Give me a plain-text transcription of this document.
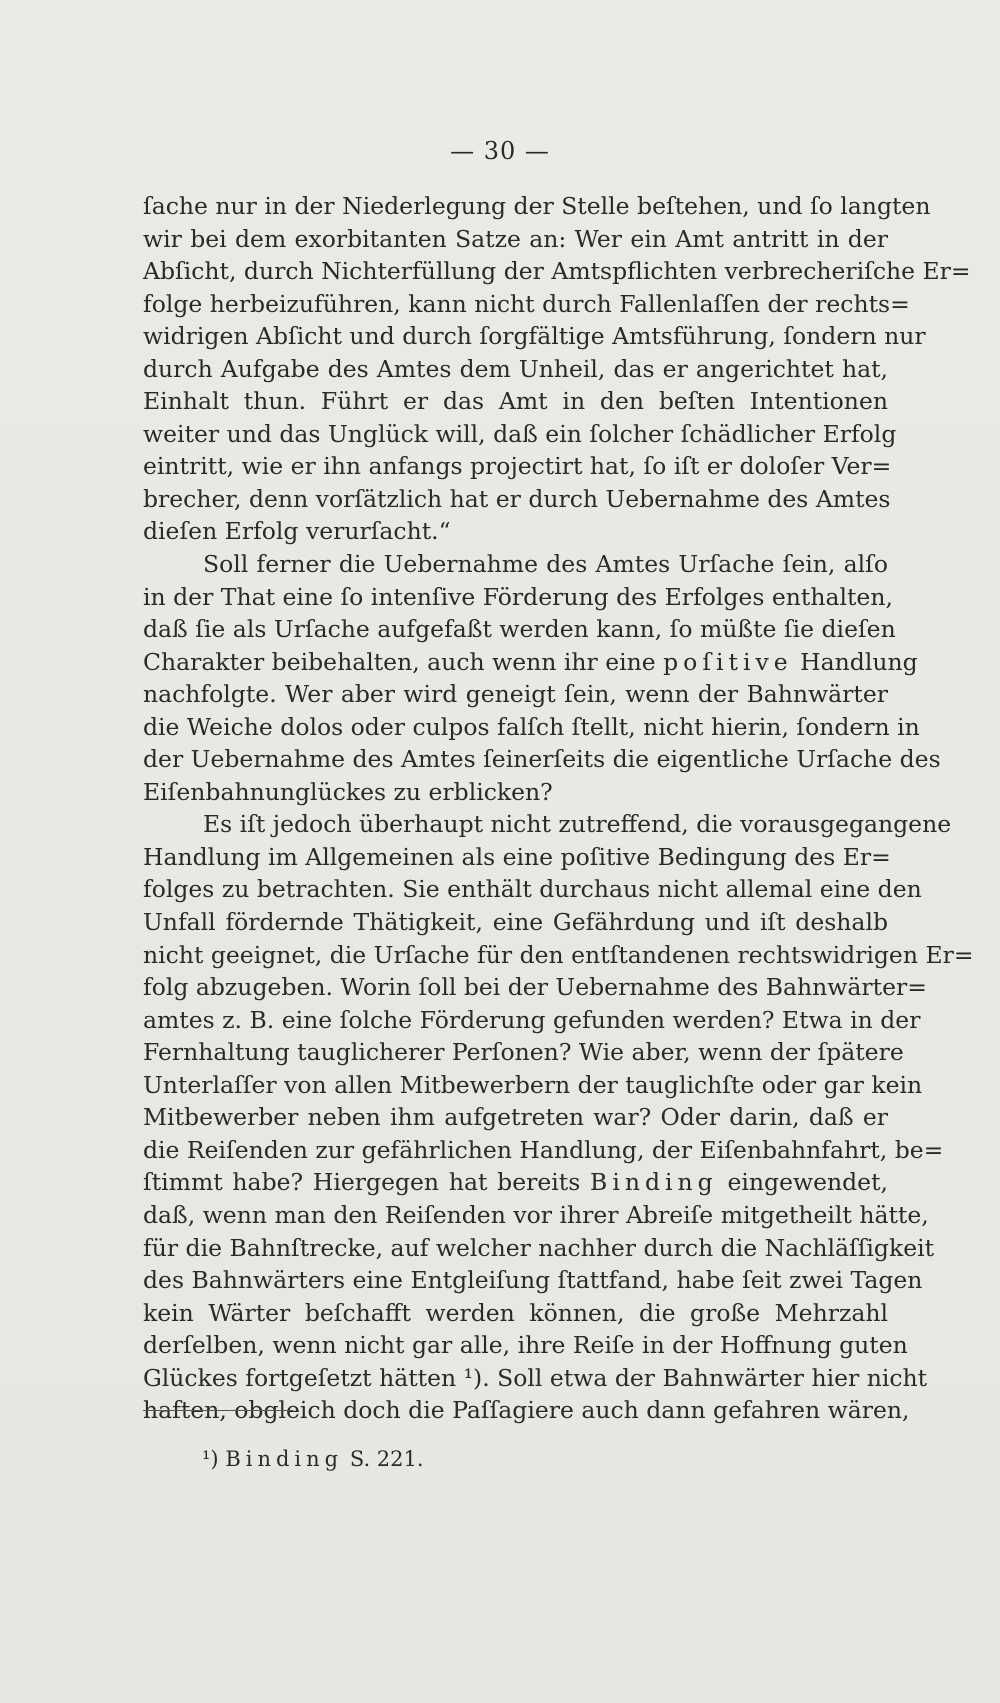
— 30 —
ſache nur in der Niederlegung der Stelle beſtehen, und ſo langten
wir bei dem exorbitanten Satze an: Wer ein Amt antritt in der
Abſicht, durch Nichterfüllung der Amtspflichten verbrecheriſche Er=
folge herbeizuführen, kann nicht durch Fallenlaſſen der rechts=
widrigen Abſicht und durch ſorgfältige Amtsführung, ſondern nur
durch Aufgabe des Amtes dem Unheil, das er angerichtet hat,
Einhalt thun. Führt er das Amt in den beſten Intentionen
weiter und das Unglück will, daß ein ſolcher ſchädlicher Erfolg
eintritt, wie er ihn anfangs projectirt hat, ſo iſt er doloſer Ver=
brecher, denn vorſätzlich hat er durch Uebernahme des Amtes
dieſen Erfolg verurſacht.“
Soll ferner die Uebernahme des Amtes Urſache ſein, alſo
in der That eine ſo intenſive Förderung des Erfolges enthalten,
daß ſie als Urſache aufgefaßt werden kann, ſo müßte ſie dieſen
Charakter beibehalten, auch wenn ihr eine poſitive Handlung
nachfolgte. Wer aber wird geneigt ſein, wenn der Bahnwärter
die Weiche dolos oder culpos falſch ſtellt, nicht hierin, ſondern in
der Uebernahme des Amtes ſeinerſeits die eigentliche Urſache des
Eiſenbahnunglückes zu erblicken?
Es iſt jedoch überhaupt nicht zutreffend, die vorausgegangene
Handlung im Allgemeinen als eine poſitive Bedingung des Er=
folges zu betrachten. Sie enthält durchaus nicht allemal eine den
Unfall fördernde Thätigkeit, eine Gefährdung und iſt deshalb
nicht geeignet, die Urſache für den entſtandenen rechtswidrigen Er=
folg abzugeben. Worin ſoll bei der Uebernahme des Bahnwärter=
amtes z. B. eine ſolche Förderung gefunden werden? Etwa in der
Fernhaltung tauglicherer Perſonen? Wie aber, wenn der ſpätere
Unterlaſſer von allen Mitbewerbern der tauglichſte oder gar kein
Mitbewerber neben ihm aufgetreten war? Oder darin, daß er
die Reiſenden zur gefährlichen Handlung, der Eiſenbahnfahrt, be=
ſtimmt habe? Hiergegen hat bereits Binding eingewendet,
daß, wenn man den Reiſenden vor ihrer Abreiſe mitgetheilt hätte,
für die Bahnſtrecke, auf welcher nachher durch die Nachläſſigkeit
des Bahnwärters eine Entgleiſung ſtattfand, habe ſeit zwei Tagen
kein Wärter beſchafft werden können, die große Mehrzahl
derſelben, wenn nicht gar alle, ihre Reiſe in der Hoffnung guten
Glückes fortgeſetzt hätten ¹). Soll etwa der Bahnwärter hier nicht
haften, obgleich doch die Paſſagiere auch dann gefahren wären,
¹) Binding S. 221.
